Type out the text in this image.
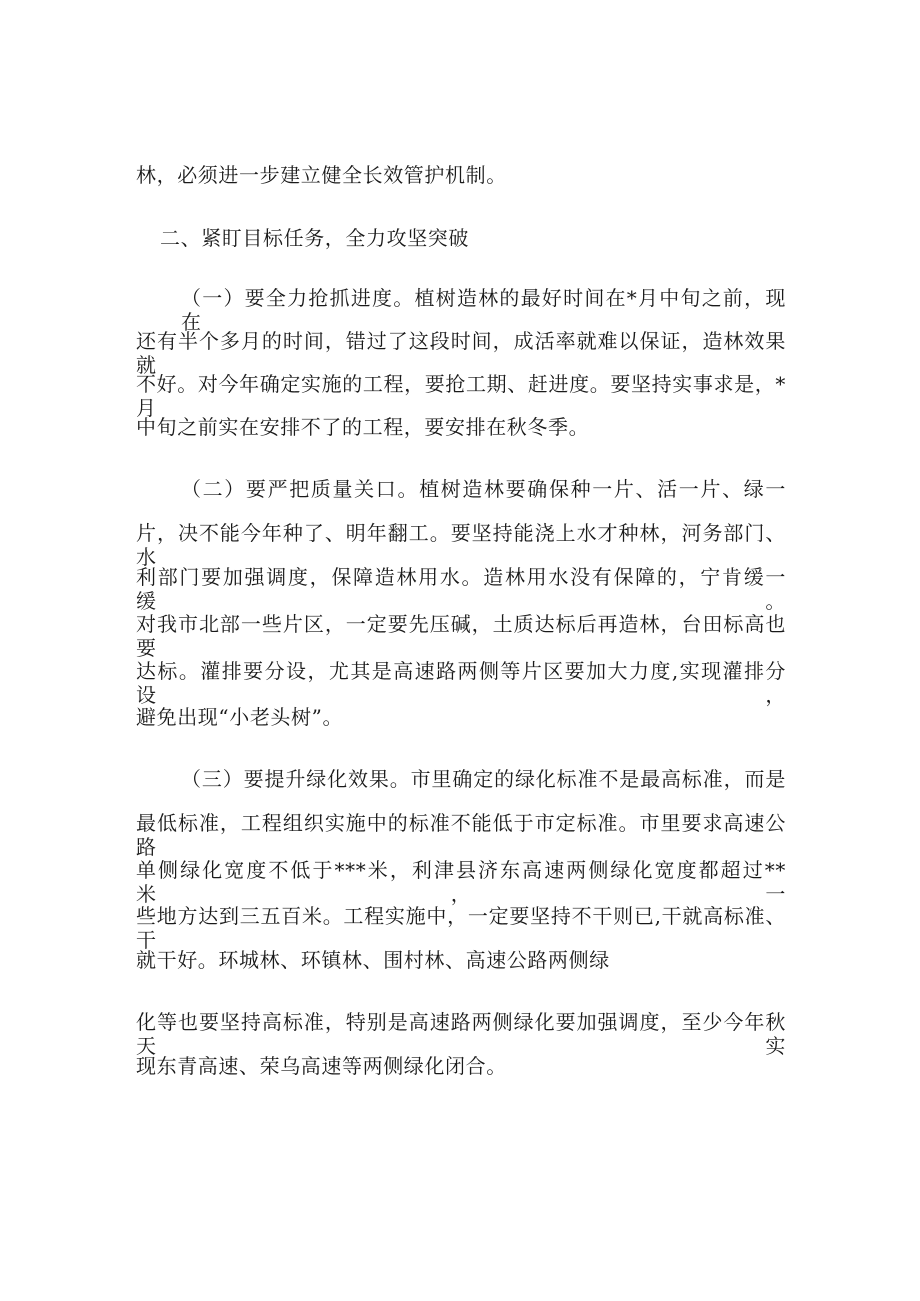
林，必须进一步建立健全长效管护机制。
二、紧盯目标任务，全力攻坚突破
（一）要全力抢抓进度。植树造林的最好时间在*月中旬之前，现在
还有半个多月的时间，错过了这段时间，成活率就难以保证，造林效果就
不好。对今年确定实施的工程，要抢工期、赶进度。要坚持实事求是，*月
中旬之前实在安排不了的工程，要安排在秋冬季。
（二）要严把质量关口。植树造林要确保种一片、活一片、绿一
片，决不能今年种了、明年翻工。要坚持能浇上水才种林，河务部门、水
利部门要加强调度，保障造林用水。造林用水没有保障的，宁肯缓一缓。
对我市北部一些片区，一定要先压碱，土质达标后再造林，台田标高也要
达标。灌排要分设，尤其是高速路两侧等片区要加大力度,实现灌排分设，
避免出现“小老头树”。
（三）要提升绿化效果。市里确定的绿化标准不是最高标准，而是
最低标准，工程组织实施中的标准不能低于市定标准。市里要求高速公路
单侧绿化宽度不低于***米，利津县济东高速两侧绿化宽度都超过**米，一
些地方达到三五百米。工程实施中，一定要坚持不干则已,干就高标准、干
就干好。环城林、环镇林、围村林、高速公路两侧绿
化等也要坚持高标准，特别是高速路两侧绿化要加强调度，至少今年秋天实
现东青高速、荣乌高速等两侧绿化闭合。
